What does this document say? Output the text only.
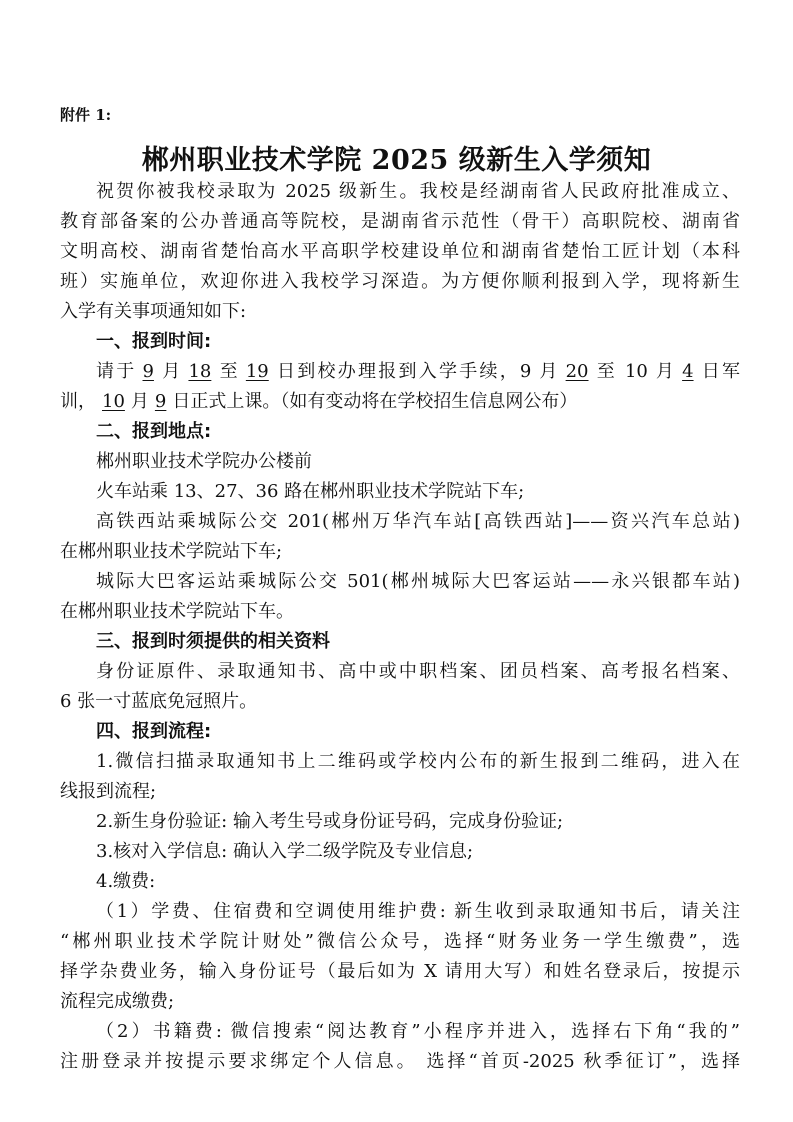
附件 1:
郴州职业技术学院 2025 级新生入学须知

祝贺你被我校录取为 2025 级新生。我校是经湖南省人民政府批准成立、

教育部备案的公办普通高等院校，是湖南省示范性（骨干）高职院校、湖南省

文明高校、湖南省楚怡高水平高职学校建设单位和湖南省楚怡工匠计划（本科

班）实施单位，欢迎你进入我校学习深造。为方便你顺利报到入学，现将新生

入学有关事项通知如下:

一、报到时间:

请于 9 月 18 至 19 日到校办理报到入学手续，9 月 20 至 10 月 4 日军

训， 10 月 9 日正式上课。（如有变动将在学校招生信息网公布）

二、报到地点:

郴州职业技术学院办公楼前

火车站乘 13、27、36 路在郴州职业技术学院站下车;

高铁西站乘城际公交 201(郴州万华汽车站[高铁西站]——资兴汽车总站)

在郴州职业技术学院站下车;

城际大巴客运站乘城际公交 501(郴州城际大巴客运站——永兴银都车站)

在郴州职业技术学院站下车。

三、报到时须提供的相关资料

身份证原件、录取通知书、高中或中职档案、团员档案、高考报名档案、

6 张一寸蓝底免冠照片。

四、报到流程:

1.微信扫描录取通知书上二维码或学校内公布的新生报到二维码，进入在

线报到流程;

2.新生身份验证: 输入考生号或身份证号码，完成身份验证;

3.核对入学信息: 确认入学二级学院及专业信息;

4.缴费:

（1）学费、住宿费和空调使用维护费: 新生收到录取通知书后，请关注

“郴州职业技术学院计财处”微信公众号，选择“财务业务一学生缴费”，选

择学杂费业务，输入身份证号（最后如为 X 请用大写）和姓名登录后，按提示

流程完成缴费;

（2）书籍费: 微信搜索“阅达教育”小程序并进入，选择右下角“我的”

注册登录并按提示要求绑定个人信息。 选择“首页-2025 秋季征订”，选择
